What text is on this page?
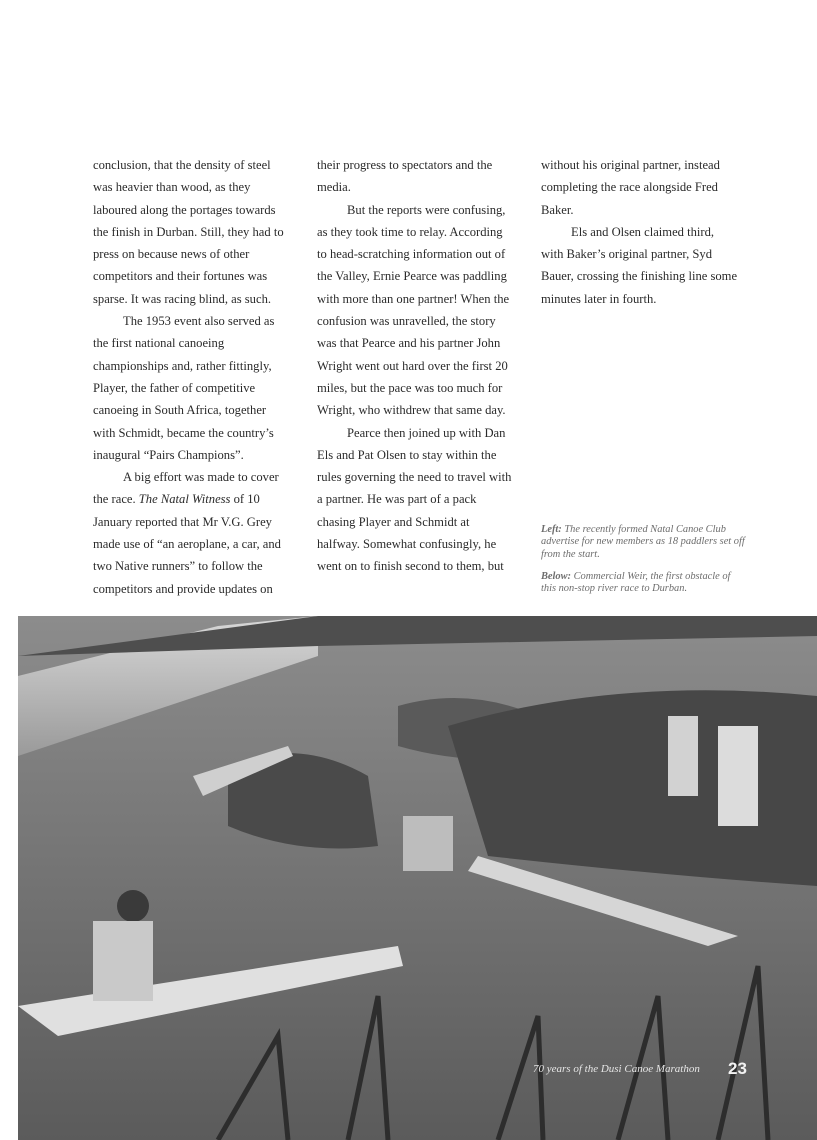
conclusion, that the density of steel was heavier than wood, as they laboured along the portages towards the finish in Durban. Still, they had to press on because news of other competitors and their fortunes was sparse. It was racing blind, as such.

The 1953 event also served as the first national canoeing championships and, rather fittingly, Player, the father of competitive canoeing in South Africa, together with Schmidt, became the country’s inaugural “Pairs Champions”.

A big effort was made to cover the race. The Natal Witness of 10 January reported that Mr V.G. Grey made use of “an aeroplane, a car, and two Native runners” to follow the competitors and provide updates on

their progress to spectators and the media.

But the reports were confusing, as they took time to relay. According to head-scratching information out of the Valley, Ernie Pearce was paddling with more than one partner! When the confusion was unravelled, the story was that Pearce and his partner John Wright went out hard over the first 20 miles, but the pace was too much for Wright, who withdrew that same day.

Pearce then joined up with Dan Els and Pat Olsen to stay within the rules governing the need to travel with a partner. He was part of a pack chasing Player and Schmidt at halfway. Somewhat confusingly, he went on to finish second to them, but

without his original partner, instead completing the race alongside Fred Baker.

Els and Olsen claimed third, with Baker’s original partner, Syd Bauer, crossing the finishing line some minutes later in fourth.

Left: The recently formed Natal Canoe Club advertise for new members as 18 paddlers set off from the start.
Below: Commercial Weir, the first obstacle of this non-stop river race to Durban.
70 years of the Dusi Canoe Marathon 23
